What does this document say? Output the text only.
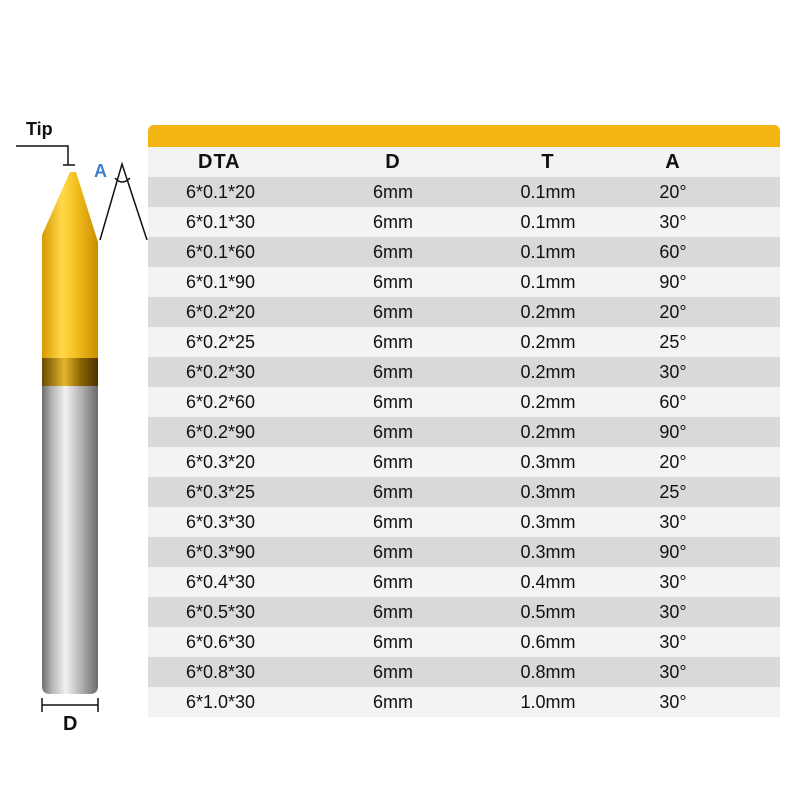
Tip
A
D
DTA	D	T	A
6*0.1*20	6mm	0.1mm	20°
6*0.1*30	6mm	0.1mm	30°
6*0.1*60	6mm	0.1mm	60°
6*0.1*90	6mm	0.1mm	90°
6*0.2*20	6mm	0.2mm	20°
6*0.2*25	6mm	0.2mm	25°
6*0.2*30	6mm	0.2mm	30°
6*0.2*60	6mm	0.2mm	60°
6*0.2*90	6mm	0.2mm	90°
6*0.3*20	6mm	0.3mm	20°
6*0.3*25	6mm	0.3mm	25°
6*0.3*30	6mm	0.3mm	30°
6*0.3*90	6mm	0.3mm	90°
6*0.4*30	6mm	0.4mm	30°
6*0.5*30	6mm	0.5mm	30°
6*0.6*30	6mm	0.6mm	30°
6*0.8*30	6mm	0.8mm	30°
6*1.0*30	6mm	1.0mm	30°
